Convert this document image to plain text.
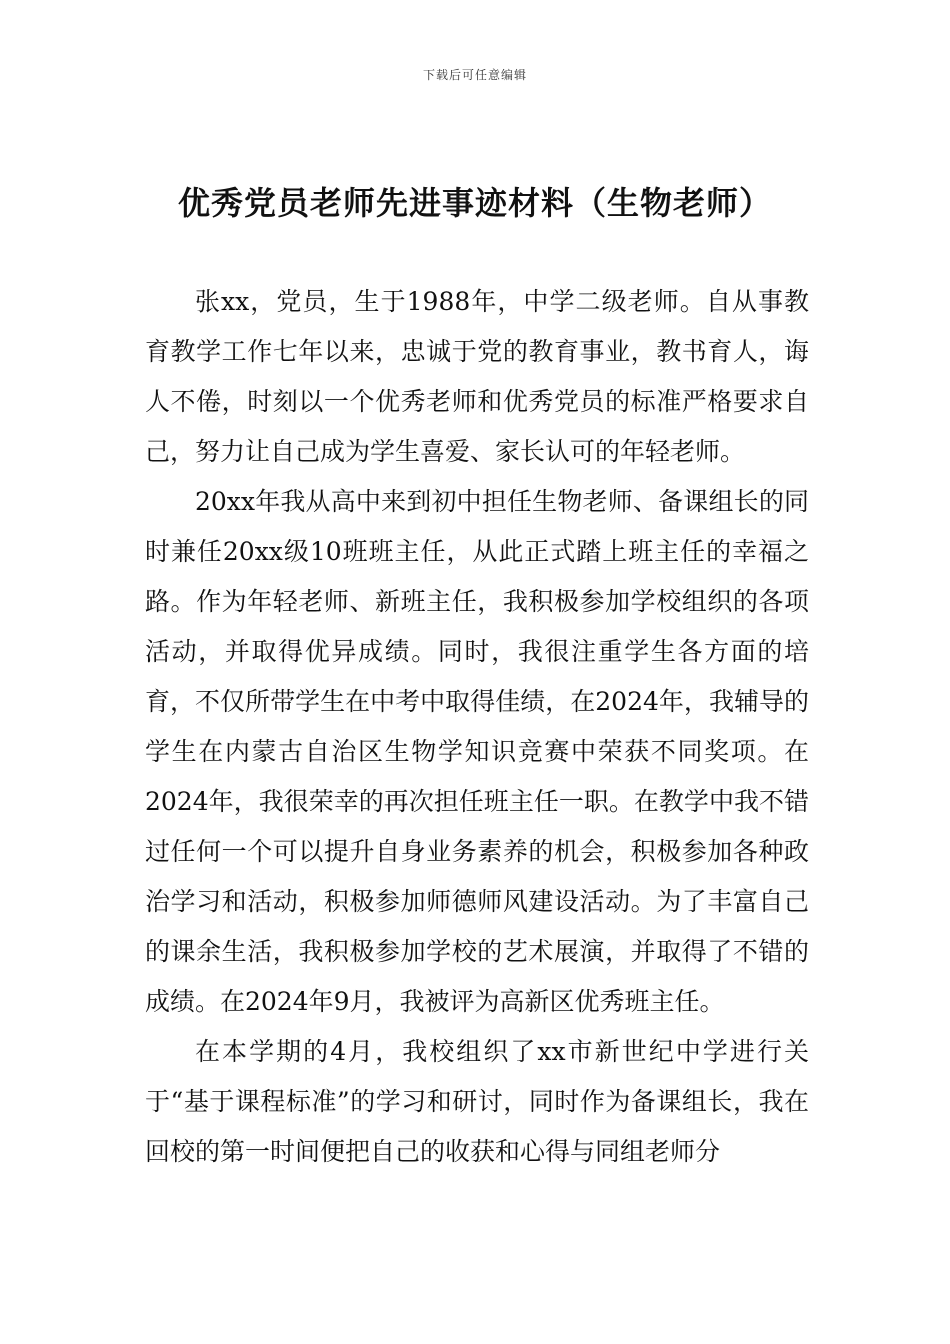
下载后可任意编辑
优秀党员老师先进事迹材料（生物老师）

张xx，党员，生于1988年，中学二级老师。自从事教育教学工作七年以来，忠诚于党的教育事业，教书育人，诲人不倦，时刻以一个优秀老师和优秀党员的标准严格要求自己，努力让自己成为学生喜爱、家长认可的年轻老师。

20xx年我从高中来到初中担任生物老师、备课组长的同时兼任20xx级10班班主任，从此正式踏上班主任的幸福之路。作为年轻老师、新班主任，我积极参加学校组织的各项活动，并取得优异成绩。同时，我很注重学生各方面的培育，不仅所带学生在中考中取得佳绩，在2024年，我辅导的学生在内蒙古自治区生物学知识竞赛中荣获不同奖项。在2024年，我很荣幸的再次担任班主任一职。在教学中我不错过任何一个可以提升自身业务素养的机会，积极参加各种政治学习和活动，积极参加师德师风建设活动。为了丰富自己的课余生活，我积极参加学校的艺术展演，并取得了不错的成绩。在2024年9月，我被评为高新区优秀班主任。

在本学期的4月，我校组织了xx市新世纪中学进行关于“基于课程标准”的学习和研讨，同时作为备课组长，我在回校的第一时间便把自己的收获和心得与同组老师分
